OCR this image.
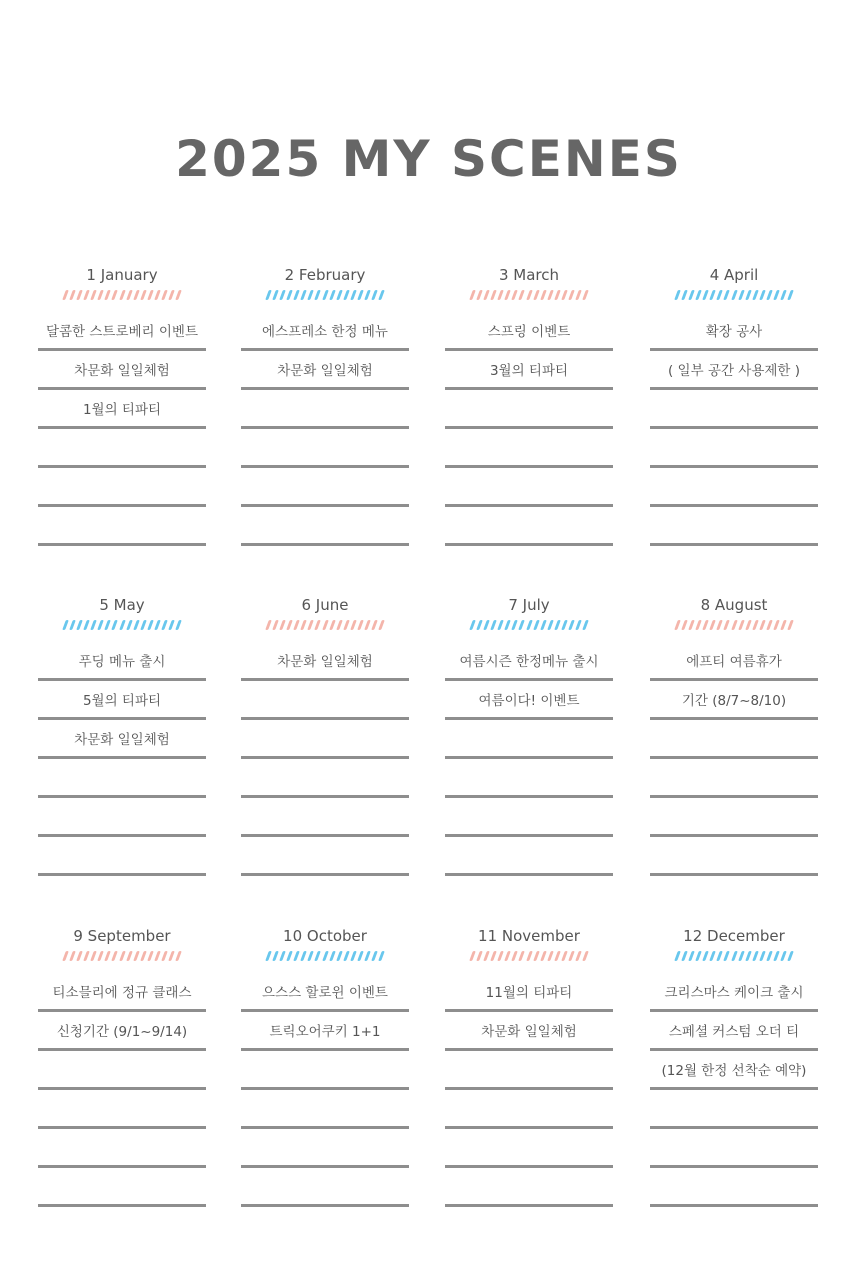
2025 MY SCENES
1 January
달콤한 스트로베리 이벤트
차문화 일일체험
1월의 티파티
2 February
에스프레소 한정 메뉴
차문화 일일체험
3 March
스프링 이벤트
3월의 티파티
4 April
확장 공사
( 일부 공간 사용제한 )
5 May
푸딩 메뉴 출시
5월의 티파티
차문화 일일체험
6 June
차문화 일일체험
7 July
여름시즌 한정메뉴 출시
여름이다! 이벤트
8 August
에프티 여름휴가
기간 (8/7~8/10)
9 September
티소믈리에 정규 클래스
신청기간 (9/1~9/14)
10 October
으스스 할로윈 이벤트
트릭오어쿠키 1+1
11 November
11월의 티파티
차문화 일일체험
12 December
크리스마스 케이크 출시
스페셜 커스텀 오더 티
(12월 한정 선착순 예약)
